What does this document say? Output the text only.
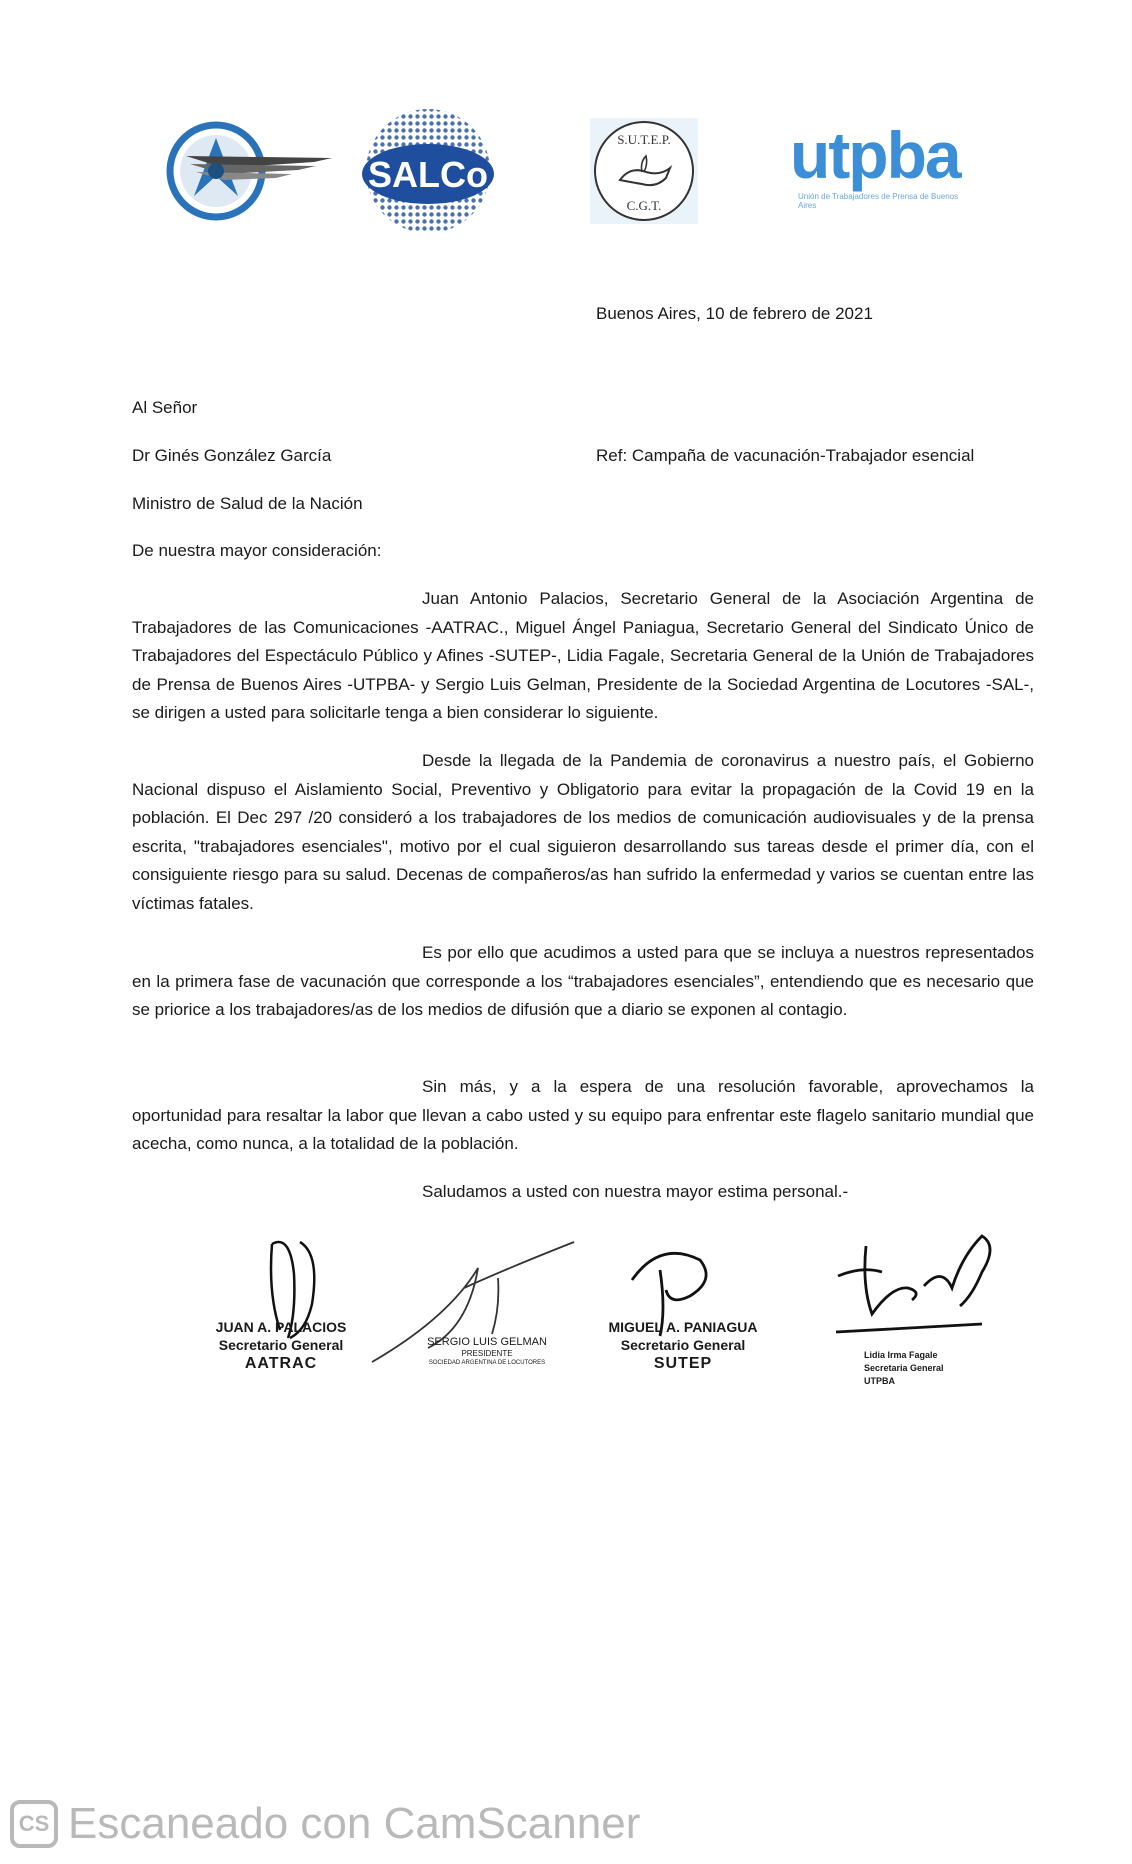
SALCo
S.U.T.E.P.
C.G.T.
utpba
Unión de Trabajadores de Prensa de Buenos Aires
Buenos Aires, 10 de febrero de 2021
Al Señor
Dr Ginés González García	Ref: Campaña de vacunación-Trabajador esencial
Ministro de Salud de la Nación
De nuestra mayor consideración:
Juan Antonio Palacios, Secretario General de la Asociación Argentina de Trabajadores de las Comunicaciones -AATRAC., Miguel Ángel Paniagua, Secretario General del Sindicato Único de Trabajadores del Espectáculo Público y Afines -SUTEP-, Lidia Fagale, Secretaria General de la Unión de Trabajadores de Prensa de Buenos Aires -UTPBA- y Sergio Luis Gelman, Presidente de la Sociedad Argentina de Locutores -SAL-, se dirigen a usted para solicitarle tenga a bien considerar lo siguiente.
Desde la llegada de la Pandemia de coronavirus a nuestro país, el Gobierno Nacional dispuso el Aislamiento Social, Preventivo y Obligatorio para evitar la propagación de la Covid 19 en la población. El Dec 297 /20 consideró a los trabajadores de los medios de comunicación audiovisuales y de la prensa escrita, "trabajadores esenciales", motivo por el cual siguieron desarrollando sus tareas desde el primer día, con el consiguiente riesgo para su salud. Decenas de compañeros/as han sufrido la enfermedad y varios se cuentan entre las víctimas fatales.
Es por ello que acudimos a usted para que se incluya a nuestros representados en la primera fase de vacunación que corresponde a los “trabajadores esenciales”, entendiendo que es necesario que se priorice a los trabajadores/as de los medios de difusión que a diario se exponen al contagio.
Sin más, y a la espera de una resolución favorable, aprovechamos la oportunidad para resaltar la labor que llevan a cabo usted y su equipo para enfrentar este flagelo sanitario mundial que acecha, como nunca, a la totalidad de la población.
Saludamos a usted con nuestra mayor estima personal.-
JUAN A. PALACIOS
Secretario General
AATRAC
SERGIO LUIS GELMAN
PRESIDENTE
SOCIEDAD ARGENTINA DE LOCUTORES
MIGUEL A. PANIAGUA
Secretario General
SUTEP	Lidia Irma Fagale
Secretaria General
UTPBA
CS Escaneado con CamScanner
